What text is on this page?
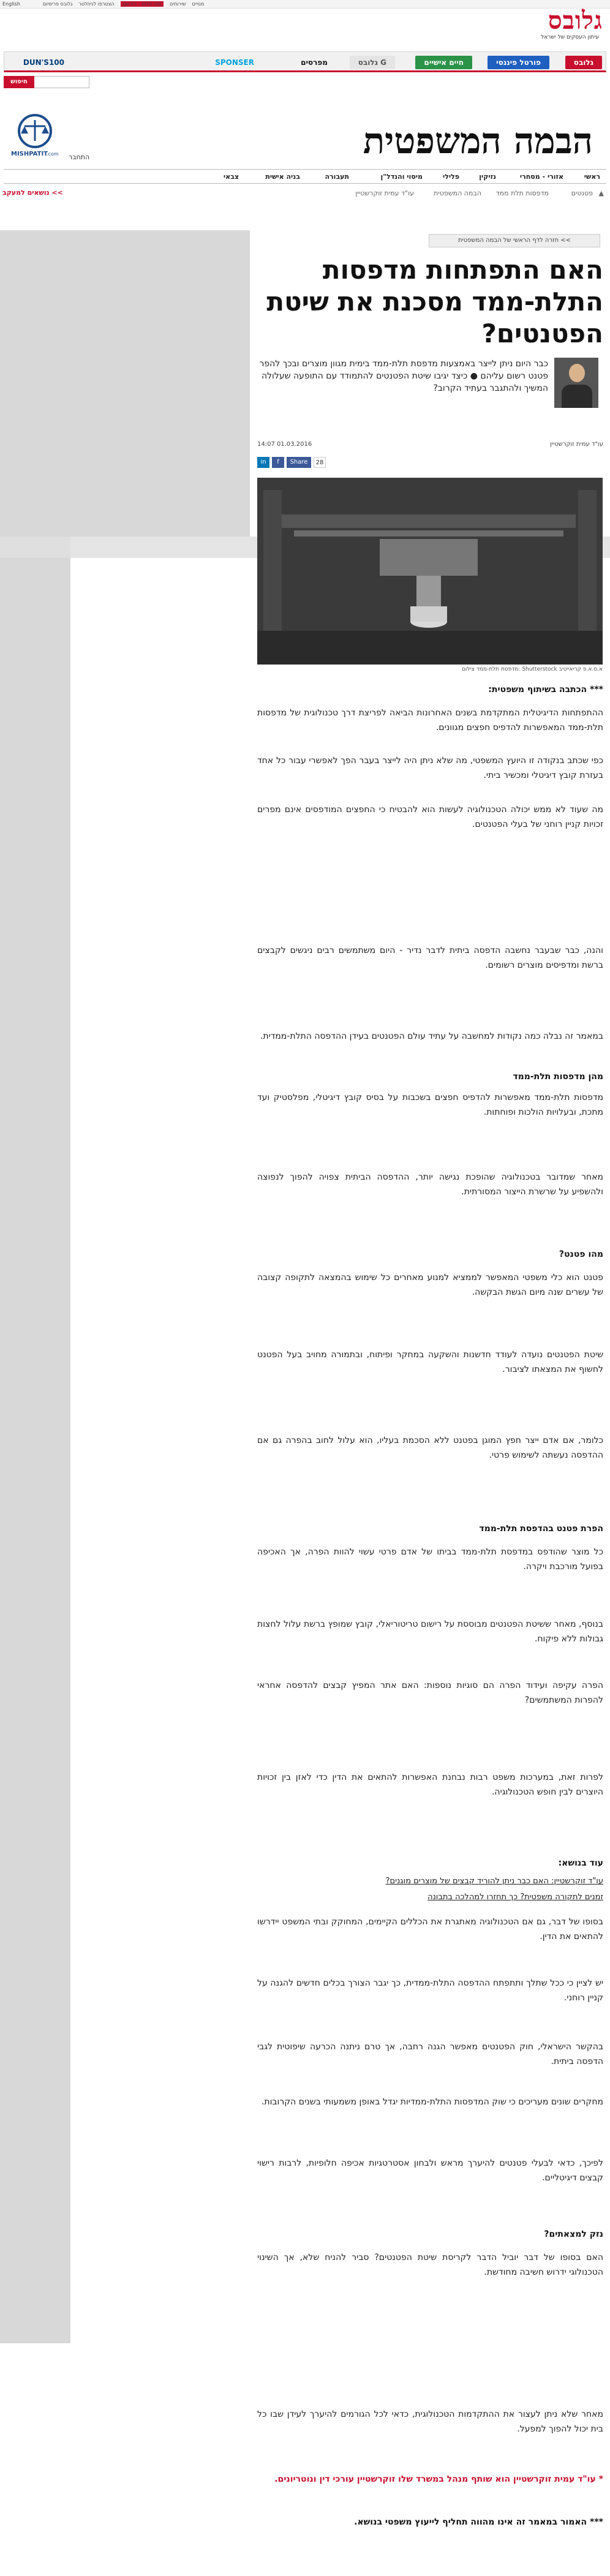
English	מנויים
שירותים
מנוי פלוס - הירשם
הצטרפו לניוזלטר
גלובס פרימיום
גלובס
עיתון העסקים של ישראל
גלובס
פורטל פיננסי
חיים אישיים
גלובס G
מפרסים
SPONSER
DUN'S100
חיפוש
MISHPATIT
.com	הבמה המשפטית
התחבר
ראשי
אזורי - מסחרי
נזיקין
פלילי
מיסוי והנדל"ן
תעבורה
בניה אישית
צבאי
▲
פטנטים
מדפסות תלת ממד
הבמה המשפטית
עו"ד עמית זוקרשטיין
נושאים למעקב <<
חזרה לדף הראשי של הבמה המשפטית <<
האם התפתחות מדפסות התלת-ממד מסכנת את שיטת הפטנטים?
כבר היום ניתן לייצר באמצעות מדפסת תלת-ממד בימית מגוון מוצרים ובכך להפר פטנט רשום עליהם ● כיצד יגיבו שיטת הפטנטים להתמודד עם התופעה שעלולה המשיך ולהתגבר בעתיד הקרוב?
14:07 01.03.2016	עו"ד עמית זוקרשטיין
in	f	Share	28
מדפסת תלת-ממד צילום: Shutterstock א.ס.א.פ קריאייטיב
*** הכתבה בשיתוף משפטית:
ההתפתחות הדיגיטלית המתקדמת בשנים האחרונות הביאה לפריצת דרך טכנולוגית של מדפסות תלת-ממד המאפשרות להדפיס חפצים מגוונים.
כפי שכתב בנקודה זו היועץ המשפטי, מה שלא ניתן היה לייצר בעבר הפך לאפשרי עבור כל אחד בעזרת קובץ דיגיטלי ומכשיר ביתי.
מה שעוד לא ממש יכולה הטכנולוגיה לעשות הוא להבטיח כי החפצים המודפסים אינם מפרים זכויות קניין רוחני של בעלי הפטנטים.
והנה, כבר שבעבר נחשבה הדפסה ביתית לדבר נדיר - היום משתמשים רבים ניגשים לקבצים ברשת ומדפיסים מוצרים רשומים.
במאמר זה נבלה כמה נקודות למחשבה על עתיד עולם הפטנטים בעידן ההדפסה התלת-ממדית.
מהן מדפסות תלת-ממד
מדפסות תלת-ממד מאפשרות להדפיס חפצים בשכבות על בסיס קובץ דיגיטלי, מפלסטיק ועד מתכת, ובעלויות הולכות ופוחתות.
מאחר שמדובר בטכנולוגיה שהופכת נגישה יותר, ההדפסה הביתית צפויה להפוך לנפוצה ולהשפיע על שרשרת הייצור המסורתית.
מהו פטנט?
פטנט הוא כלי משפטי המאפשר לממציא למנוע מאחרים כל שימוש בהמצאה לתקופה קצובה של עשרים שנה מיום הגשת הבקשה.
שיטת הפטנטים נועדה לעודד חדשנות והשקעה במחקר ופיתוח, ובתמורה מחויב בעל הפטנט לחשוף את המצאתו לציבור.
כלומר, אם אדם ייצר חפץ המוגן בפטנט ללא הסכמת בעליו, הוא עלול לחוב בהפרה גם אם ההדפסה נעשתה לשימוש פרטי.
הפרת פטנט בהדפסת תלת-ממד
כל מוצר שהודפס במדפסת תלת-ממד בביתו של אדם פרטי עשוי להוות הפרה, אך האכיפה בפועל מורכבת ויקרה.
בנוסף, מאחר ששיטת הפטנטים מבוססת על רישום טריטוריאלי, קובץ שמופץ ברשת עלול לחצות גבולות ללא פיקוח.
הפרה עקיפה ועידוד הפרה הם סוגיות נוספות: האם אתר המפיץ קבצים להדפסה אחראי להפרות המשתמשים?
לפרות זאת, במערכות משפט רבות נבחנת האפשרות להתאים את הדין כדי לאזן בין זכויות היוצרים לבין חופש הטכנולוגיה.
עוד בנושא:
עו"ד זוקרשטיין: האם כבר ניתן להוריד קבצים של מוצרים מוגנים?
זמנים לתקורה משפטית? כך תחזרו למהלכה בתבונה
בסופו של דבר, גם אם הטכנולוגיה מאתגרת את הכללים הקיימים, המחוקק ובתי המשפט יידרשו להתאים את הדין.
יש לציין כי ככל שתלך ותתפתח ההדפסה התלת-ממדית, כך יגבר הצורך בכלים חדשים להגנה על קניין רוחני.
בהקשר הישראלי, חוק הפטנטים מאפשר הגנה רחבה, אך טרם ניתנה הכרעה שיפוטית לגבי הדפסה ביתית.
מחקרים שונים מעריכים כי שוק המדפסות התלת-ממדיות יגדל באופן משמעותי בשנים הקרובות.
לפיכך, כדאי לבעלי פטנטים להיערך מראש ולבחון אסטרטגיות אכיפה חלופיות, לרבות רישוי קבצים דיגיטליים.
נזק למצאתים?
האם בסופו של דבר יוביל הדבר לקריסת שיטת הפטנטים? סביר להניח שלא, אך השינוי הטכנולוגי ידרוש חשיבה מחודשת.
מאחר שלא ניתן לעצור את ההתקדמות הטכנולוגית, כדאי לכל הגורמים להיערך לעידן שבו כל בית יכול להפוך למפעל.
* עו"ד עמית זוקרשטיין הוא שותף מנהל במשרד שלו זוקרשטיין עורכי דין ונוטריונים.
*** האמור במאמר זה אינו מהווה תחליף לייעוץ משפטי בנושא.
